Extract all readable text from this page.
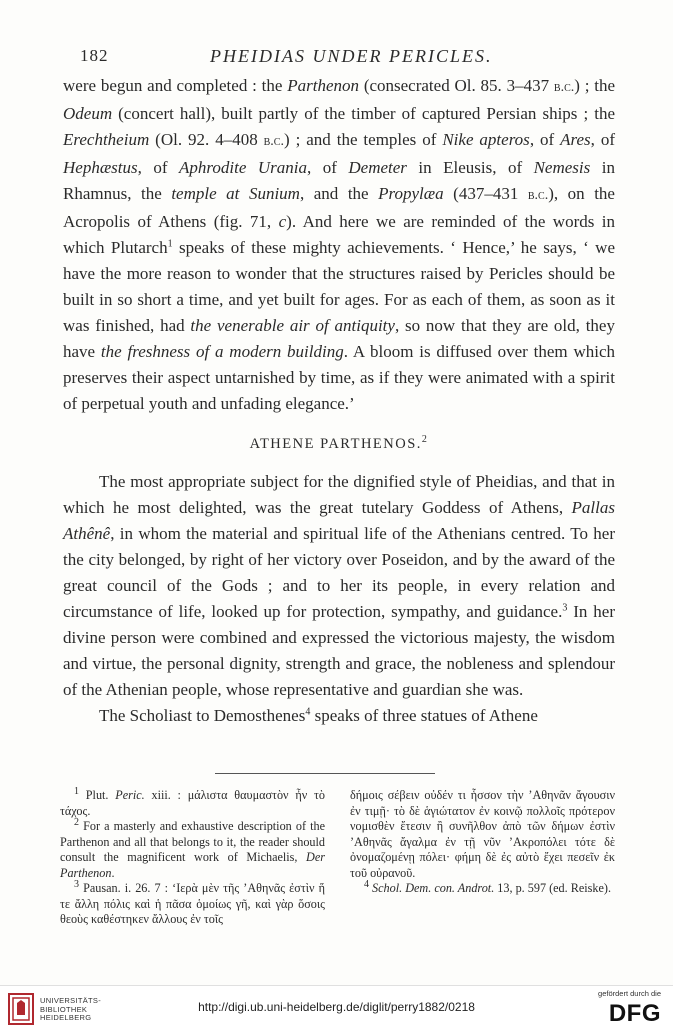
182	PHEIDIAS UNDER PERICLES.

were begun and completed : the Parthenon (consecrated Ol. 85. 3–437 b.c.) ; the Odeum (concert hall), built partly of the timber of captured Persian ships ; the Erechtheium (Ol. 92. 4–408 b.c.) ; and the temples of Nike apteros, of Ares, of Hephæstus, of Aphrodite Urania, of Demeter in Eleusis, of Nemesis in Rhamnus, the temple at Sunium, and the Propylæa (437–431 b.c.), on the Acropolis of Athens (fig. 71, c). And here we are reminded of the words in which Plutarch$^1$ speaks of these mighty achievements. ‘ Hence,’ he says, ‘ we have the more reason to wonder that the structures raised by Pericles should be built in so short a time, and yet built for ages. For as each of them, as soon as it was finished, had the venerable air of antiquity, so now that they are old, they have the freshness of a modern building. A bloom is diffused over them which preserves their aspect untarnished by time, as if they were animated with a spirit of perpetual youth and unfading elegance.’

ATHENE PARTHENOS.$^2$

The most appropriate subject for the dignified style of Pheidias, and that in which he most delighted, was the great tutelary Goddess of Athens, Pallas Athênê, in whom the material and spiritual life of the Athenians centred. To her the city belonged, by right of her victory over Poseidon, and by the award of the great council of the Gods ; and to her its people, in every relation and circumstance of life, looked up for protection, sympathy, and guidance.$^3$ In her divine person were combined and expressed the victorious majesty, the wisdom and virtue, the personal dignity, strength and grace, the nobleness and splendour of the Athenian people, whose representative and guardian she was.

The Scholiast to Demosthenes$^4$ speaks of three statues of Athene

$^1$ Plut. Peric. xiii. : μάλιστα θαυμαστὸν ἦν τὸ τάχος.

$^2$ For a masterly and exhaustive description of the Parthenon and all that belongs to it, the reader should consult the magnificent work of Michaelis, Der Parthenon.

$^3$ Pausan. i. 26. 7 : ‘Ιερὰ μὲν τῆς ’Αθηνᾶς ἐστὶν ἥ τε ἄλλη πόλις καὶ ἡ πᾶσα ὁμοίως γῆ, καὶ γὰρ ὅσοις θεοὺς καθέστηκεν ἄλλους ἐν τοῖς

δήμοις σέβειν οὐδέν τι ἧσσον τὴν ’Αθηνᾶν ἄγουσιν ἐν τιμῇ· τὸ δὲ ἁγιώτατον ἐν κοινῷ πολλοῖς πρότερον νομισθὲν ἔτεσιν ἢ συνῆλθον ἀπὸ τῶν δήμων ἐστὶν ’Αθηνᾶς ἄγαλμα ἐν τῇ νῦν ’Ακροπόλει τότε δὲ ὀνομαζομένῃ πόλει· φήμη δὲ ἐς αὐτὸ ἔχει πεσεῖν ἐκ τοῦ οὐρανοῦ.

$^4$ Schol. Dem. con. Androt. 13, p. 597 (ed. Reiske).

UNIVERSITÄTS-
BIBLIOTHEK
HEIDELBERG
http://digi.ub.uni-heidelberg.de/diglit/perry1882/0218
gefördert durch die
DFG
